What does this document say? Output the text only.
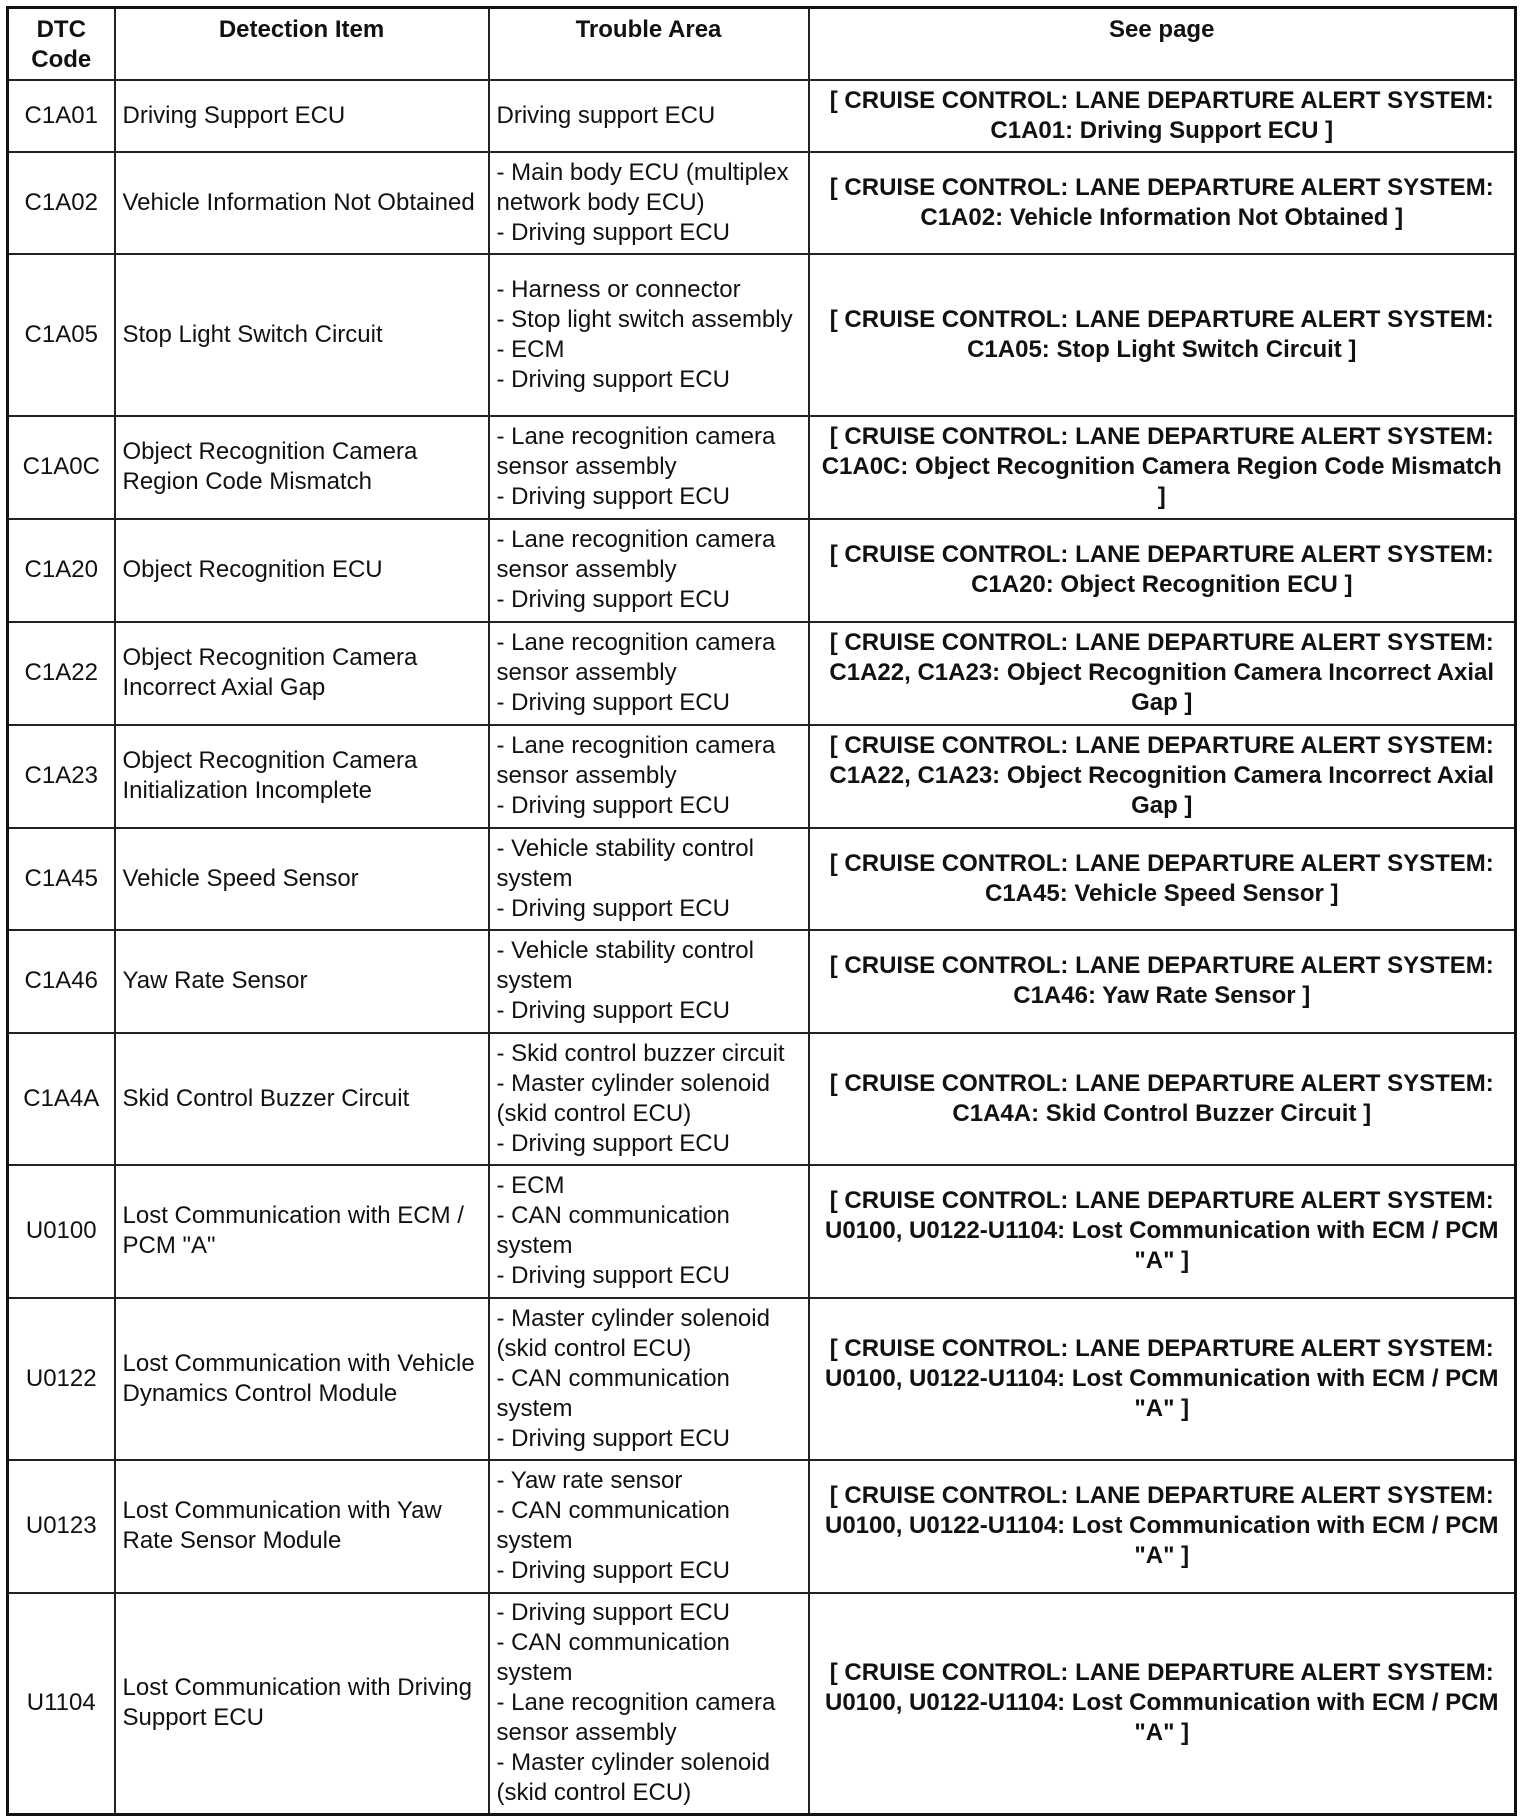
DTC
Code	Detection Item	Trouble Area	See page
C1A01	Driving Support ECU	Driving support ECU	[ CRUISE CONTROL: LANE DEPARTURE ALERT SYSTEM: C1A01: Driving Support ECU ]
C1A02	Vehicle Information Not Obtained	- Main body ECU (multiplex network body ECU)
- Driving support ECU	[ CRUISE CONTROL: LANE DEPARTURE ALERT SYSTEM: C1A02: Vehicle Information Not Obtained ]
C1A05	Stop Light Switch Circuit	- Harness or connector
- Stop light switch assembly
- ECM
- Driving support ECU	[ CRUISE CONTROL: LANE DEPARTURE ALERT SYSTEM: C1A05: Stop Light Switch Circuit ]
C1A0C	Object Recognition Camera Region Code Mismatch	- Lane recognition camera sensor assembly
- Driving support ECU	[ CRUISE CONTROL: LANE DEPARTURE ALERT SYSTEM: C1A0C: Object Recognition Camera Region Code Mismatch ]
C1A20	Object Recognition ECU	- Lane recognition camera sensor assembly
- Driving support ECU	[ CRUISE CONTROL: LANE DEPARTURE ALERT SYSTEM: C1A20: Object Recognition ECU ]
C1A22	Object Recognition Camera Incorrect Axial Gap	- Lane recognition camera sensor assembly
- Driving support ECU	[ CRUISE CONTROL: LANE DEPARTURE ALERT SYSTEM: C1A22, C1A23: Object Recognition Camera Incorrect Axial Gap ]
C1A23	Object Recognition Camera Initialization Incomplete	- Lane recognition camera sensor assembly
- Driving support ECU	[ CRUISE CONTROL: LANE DEPARTURE ALERT SYSTEM: C1A22, C1A23: Object Recognition Camera Incorrect Axial Gap ]
C1A45	Vehicle Speed Sensor	- Vehicle stability control system
- Driving support ECU	[ CRUISE CONTROL: LANE DEPARTURE ALERT SYSTEM: C1A45: Vehicle Speed Sensor ]
C1A46	Yaw Rate Sensor	- Vehicle stability control system
- Driving support ECU	[ CRUISE CONTROL: LANE DEPARTURE ALERT SYSTEM: C1A46: Yaw Rate Sensor ]
C1A4A	Skid Control Buzzer Circuit	- Skid control buzzer circuit
- Master cylinder solenoid (skid control ECU)
- Driving support ECU	[ CRUISE CONTROL: LANE DEPARTURE ALERT SYSTEM: C1A4A: Skid Control Buzzer Circuit ]
U0100	Lost Communication with ECM / PCM "A"	- ECM
- CAN communication system
- Driving support ECU	[ CRUISE CONTROL: LANE DEPARTURE ALERT SYSTEM: U0100, U0122-U1104: Lost Communication with ECM / PCM "A" ]
U0122	Lost Communication with Vehicle Dynamics Control Module	- Master cylinder solenoid (skid control ECU)
- CAN communication system
- Driving support ECU	[ CRUISE CONTROL: LANE DEPARTURE ALERT SYSTEM: U0100, U0122-U1104: Lost Communication with ECM / PCM "A" ]
U0123	Lost Communication with Yaw Rate Sensor Module	- Yaw rate sensor
- CAN communication system
- Driving support ECU	[ CRUISE CONTROL: LANE DEPARTURE ALERT SYSTEM: U0100, U0122-U1104: Lost Communication with ECM / PCM "A" ]
U1104	Lost Communication with Driving Support ECU	- Driving support ECU
- CAN communication system
- Lane recognition camera sensor assembly
- Master cylinder solenoid (skid control ECU)	[ CRUISE CONTROL: LANE DEPARTURE ALERT SYSTEM: U0100, U0122-U1104: Lost Communication with ECM / PCM "A" ]
